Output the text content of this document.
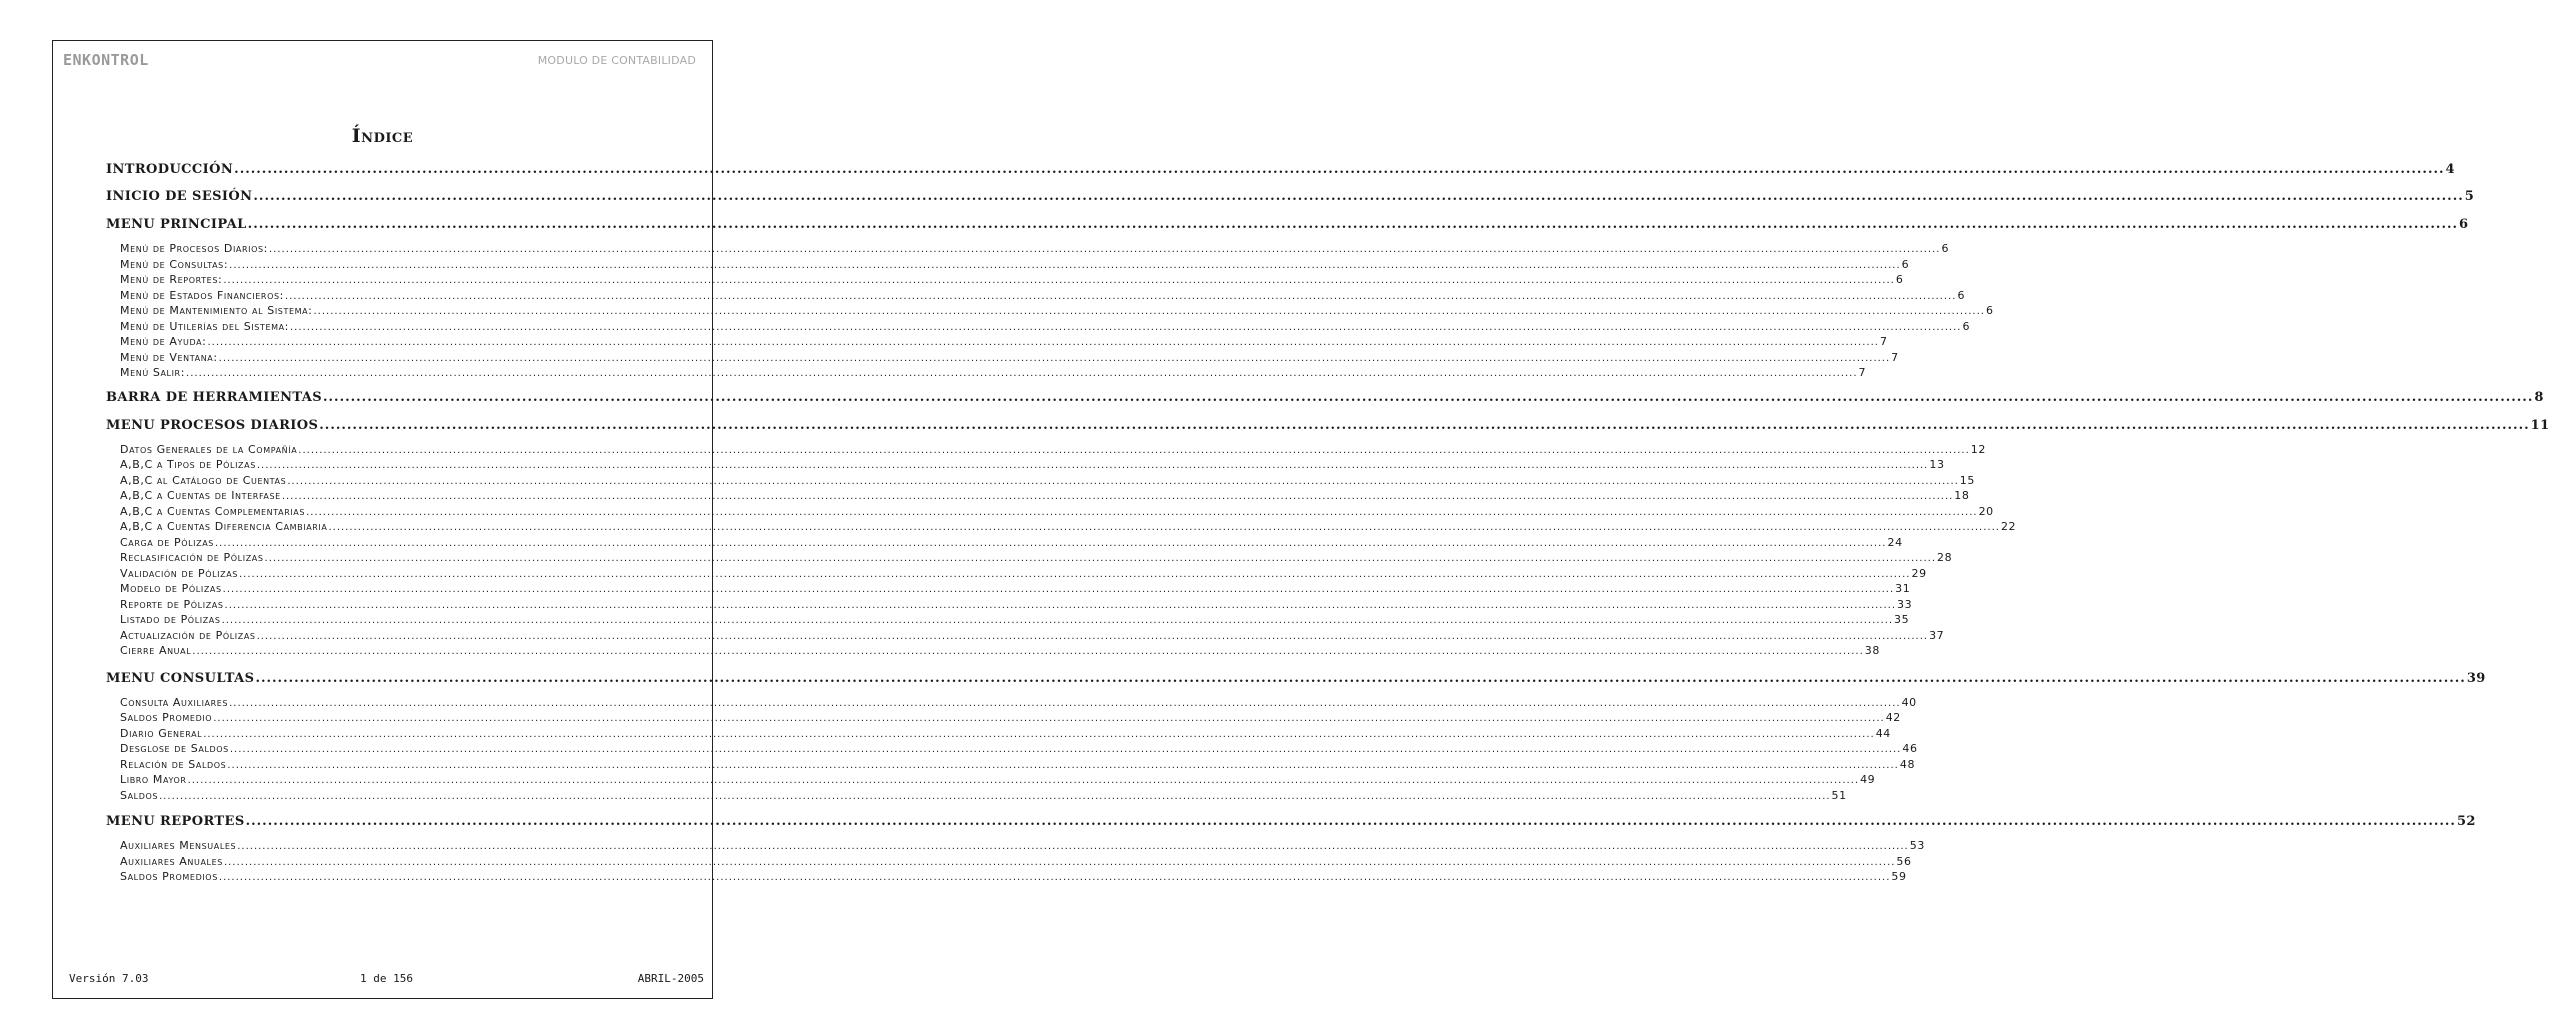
ENKONTROL	MODULO DE CONTABILIDAD
Índice
INTRODUCCIÓN ................................................................................................................................................................................................................................................................................................................................................................................................................ 4
INICIO DE SESIÓN ................................................................................................................................................................................................................................................................................................................................................................................................................ 5
MENU PRINCIPAL ................................................................................................................................................................................................................................................................................................................................................................................................................ 6
Menú de Procesos Diarios: ................................................................................................................................................................................................................................................................................................................................................................................................................ 6
Menú de Consultas: ................................................................................................................................................................................................................................................................................................................................................................................................................ 6
Menú de Reportes: ................................................................................................................................................................................................................................................................................................................................................................................................................ 6
Menú de Estados Financieros: ................................................................................................................................................................................................................................................................................................................................................................................................................ 6
Menú de Mantenimiento al Sistema: ................................................................................................................................................................................................................................................................................................................................................................................................................ 6
Menú de Utilerías del Sistema: ................................................................................................................................................................................................................................................................................................................................................................................................................ 6
Menú de Ayuda: ................................................................................................................................................................................................................................................................................................................................................................................................................ 7
Menú de Ventana: ................................................................................................................................................................................................................................................................................................................................................................................................................ 7
Menú Salir: ................................................................................................................................................................................................................................................................................................................................................................................................................ 7
BARRA DE HERRAMIENTAS ................................................................................................................................................................................................................................................................................................................................................................................................................ 8
MENU PROCESOS DIARIOS ................................................................................................................................................................................................................................................................................................................................................................................................................ 11
Datos Generales de la Compañía ................................................................................................................................................................................................................................................................................................................................................................................................................ 12
A,B,C a Tipos de Pólizas ................................................................................................................................................................................................................................................................................................................................................................................................................ 13
A,B,C al Catálogo de Cuentas ................................................................................................................................................................................................................................................................................................................................................................................................................ 15
A,B,C a Cuentas de Interfase ................................................................................................................................................................................................................................................................................................................................................................................................................ 18
A,B,C a Cuentas Complementarias ................................................................................................................................................................................................................................................................................................................................................................................................................ 20
A,B,C a Cuentas Diferencia Cambiaria ................................................................................................................................................................................................................................................................................................................................................................................................................ 22
Carga de Pólizas ................................................................................................................................................................................................................................................................................................................................................................................................................ 24
Reclasificación de Pólizas ................................................................................................................................................................................................................................................................................................................................................................................................................ 28
Validación de Pólizas ................................................................................................................................................................................................................................................................................................................................................................................................................ 29
Modelo de Pólizas ................................................................................................................................................................................................................................................................................................................................................................................................................ 31
Reporte de Pólizas ................................................................................................................................................................................................................................................................................................................................................................................................................ 33
Listado de Pólizas ................................................................................................................................................................................................................................................................................................................................................................................................................ 35
Actualización de Pólizas ................................................................................................................................................................................................................................................................................................................................................................................................................ 37
Cierre Anual ................................................................................................................................................................................................................................................................................................................................................................................................................ 38
MENU CONSULTAS ................................................................................................................................................................................................................................................................................................................................................................................................................ 39
Consulta Auxiliares ................................................................................................................................................................................................................................................................................................................................................................................................................ 40
Saldos Promedio ................................................................................................................................................................................................................................................................................................................................................................................................................ 42
Diario General ................................................................................................................................................................................................................................................................................................................................................................................................................ 44
Desglose de Saldos ................................................................................................................................................................................................................................................................................................................................................................................................................ 46
Relación de Saldos ................................................................................................................................................................................................................................................................................................................................................................................................................ 48
Libro Mayor ................................................................................................................................................................................................................................................................................................................................................................................................................ 49
Saldos ................................................................................................................................................................................................................................................................................................................................................................................................................ 51
MENU REPORTES ................................................................................................................................................................................................................................................................................................................................................................................................................ 52
Auxiliares Mensuales ................................................................................................................................................................................................................................................................................................................................................................................................................ 53
Auxiliares Anuales ................................................................................................................................................................................................................................................................................................................................................................................................................ 56
Saldos Promedios ................................................................................................................................................................................................................................................................................................................................................................................................................ 59
Versión 7.03	1 de 156	ABRIL-2005
